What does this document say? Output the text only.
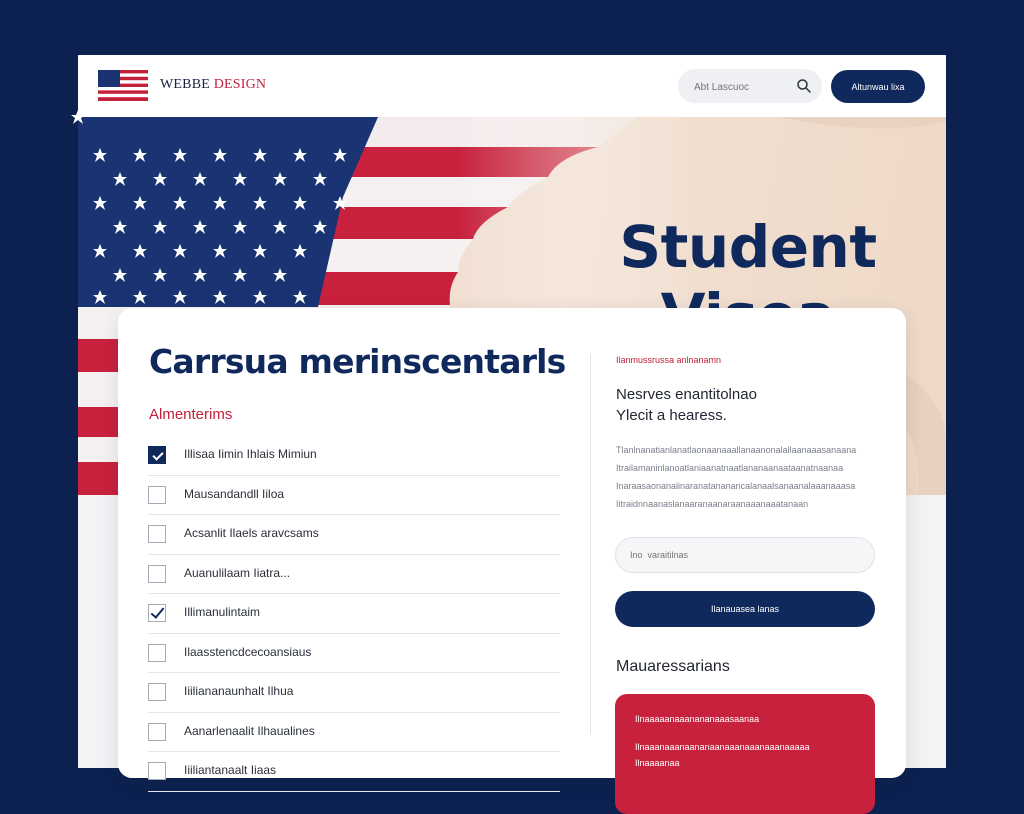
WEBBE DESIGN
Abt Lascuoc	Altunwau lixa
Student
Carrsua merinscentarls
Almenterims
Illisaa Iimin Ihlais Mimiun
Mausandandll Iiloa
Acsanlit Ilaels aravcsams
Auanulilaam Iiatra...
Illimanulintaim
Ilaasstencdcecoansiaus
Iiiliananaunhalt Ilhua
Aanarlenaalit Ilhaualines
Iiiliantanaalt Iiaas
Ilanmussrussa anlnanamn
Nesrves enantitolnao
Ylecit a hearess.
Tlanlnanatianlanatlaonaanaaallanaanonalallaanaaasanaana
Itrailamaninlanoatlaniaanatnaatlananaanaataanatnaanaa
Inaraasaonanalinaranatananancalanaalsanaanalaaanaaasa
Iitraidnnaanaslanaaranaanaraanaaanaaatanaan
Ino varaitilnas
Ilanauasea lanas
Mauaressarians
Ilnaaaaanaaanananaaasaanaa
Ilnaaanaaanaananaanaaanaaanaaanaaaaa
Ilnaaaanaa
